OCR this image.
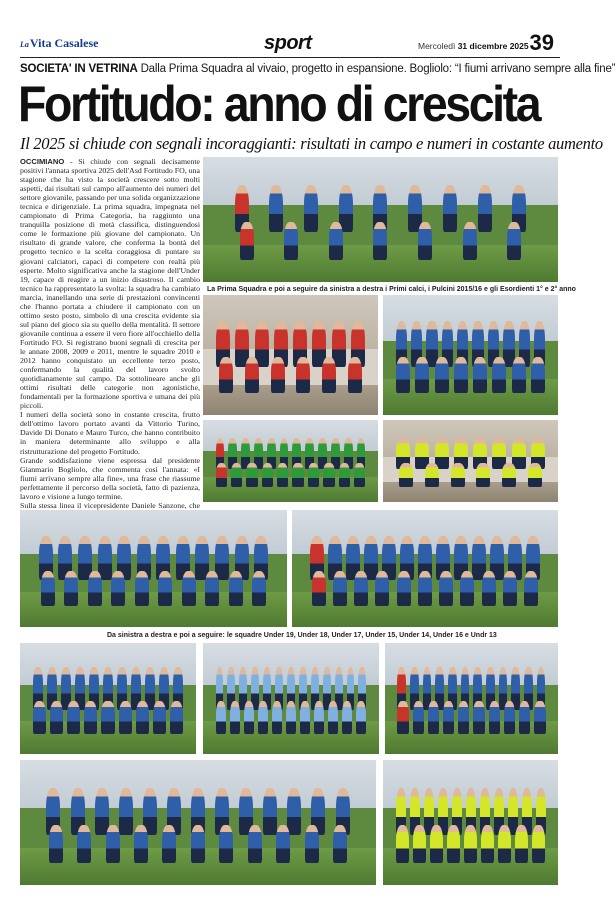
LaVita Casalese	sport	Mercoledì 31 dicembre 2025 39
SOCIETA' IN VETRINA Dalla Prima Squadra al vivaio, progetto in espansione. Bogliolo: “I fiumi arrivano sempre alla fine”
Fortitudo: anno di crescita
Il 2025 si chiude con segnali incoraggianti: risultati in campo e numeri in costante aumento

OCCIMIANO - Si chiude con segnali decisamente positivi l'annata sportiva 2025 dell'Asd Fortitudo FO, una stagione che ha visto la società crescere sotto molti aspetti, dai risultati sul campo all'aumento dei numeri del settore giovanile, passando per una solida organizzazione tecnica e dirigenziale. La prima squadra, impegnata nel campionato di Prima Categoria, ha raggiunto una tranquilla posizione di metà classifica, distinguendosi come le formazione più giovane del campionato. Un risultato di grande valore, che conferma la bontà del progetto tecnico e la scelta coraggiosa di puntare su giovani calciatori, capaci di competere con realtà più esperte. Molto significativa anche la stagione dell'Under 19, capace di reagire a un inizio disastroso. Il cambio tecnico ha rappresentato la svolta: la squadra ha cambiato marcia, inanellando una serie di prestazioni convincenti che l'hanno portata a chiudere il campionato con un ottimo sesto posto, simbolo di una crescita evidente sia sul piano del gioco sia su quello della mentalità. Il settore giovanile continua a essere il vero fiore all'occhiello della Fortitudo FO. Si registrano buoni segnali di crescita per le annate 2008, 2009 e 2011, mentre le squadre 2010 e 2012 hanno conquistato un eccellente terzo posto, confermando la qualità del lavoro svolto quotidianamente sul campo. Da sottolineare anche gli ottimi risultati delle categorie non agonistiche, fondamentali per la formazione sportiva e umana dei più piccoli.

I numeri della società sono in costante crescita, frutto dell'ottimo lavoro portato avanti da Vittorio Turino, Davide Di Donato e Mauro Turco, che hanno contribuito in maniera determinante allo sviluppo e alla ristrutturazione del progetto Fortitudo.

Grande soddisfazione viene espressa dal presidente Gianmario Bogliolo, che commenta così l'annata: «I fiumi arrivano sempre alla fine», una frase che riassume perfettamente il percorso della società, fatto di pazienza, lavoro e visione a lungo termine.

Sulla stessa linea il vicepresidente Daniele Sanzone, che

La Prima Squadra e poi a seguire da sinistra a destra i Primi calci, i Pulcini 2015/16 e gli Esordienti 1° e 2° anno
Da sinistra a destra e poi a seguire: le squadre Under 19, Under 18, Under 17, Under 15, Under 14, Under 16 e Undr 13
